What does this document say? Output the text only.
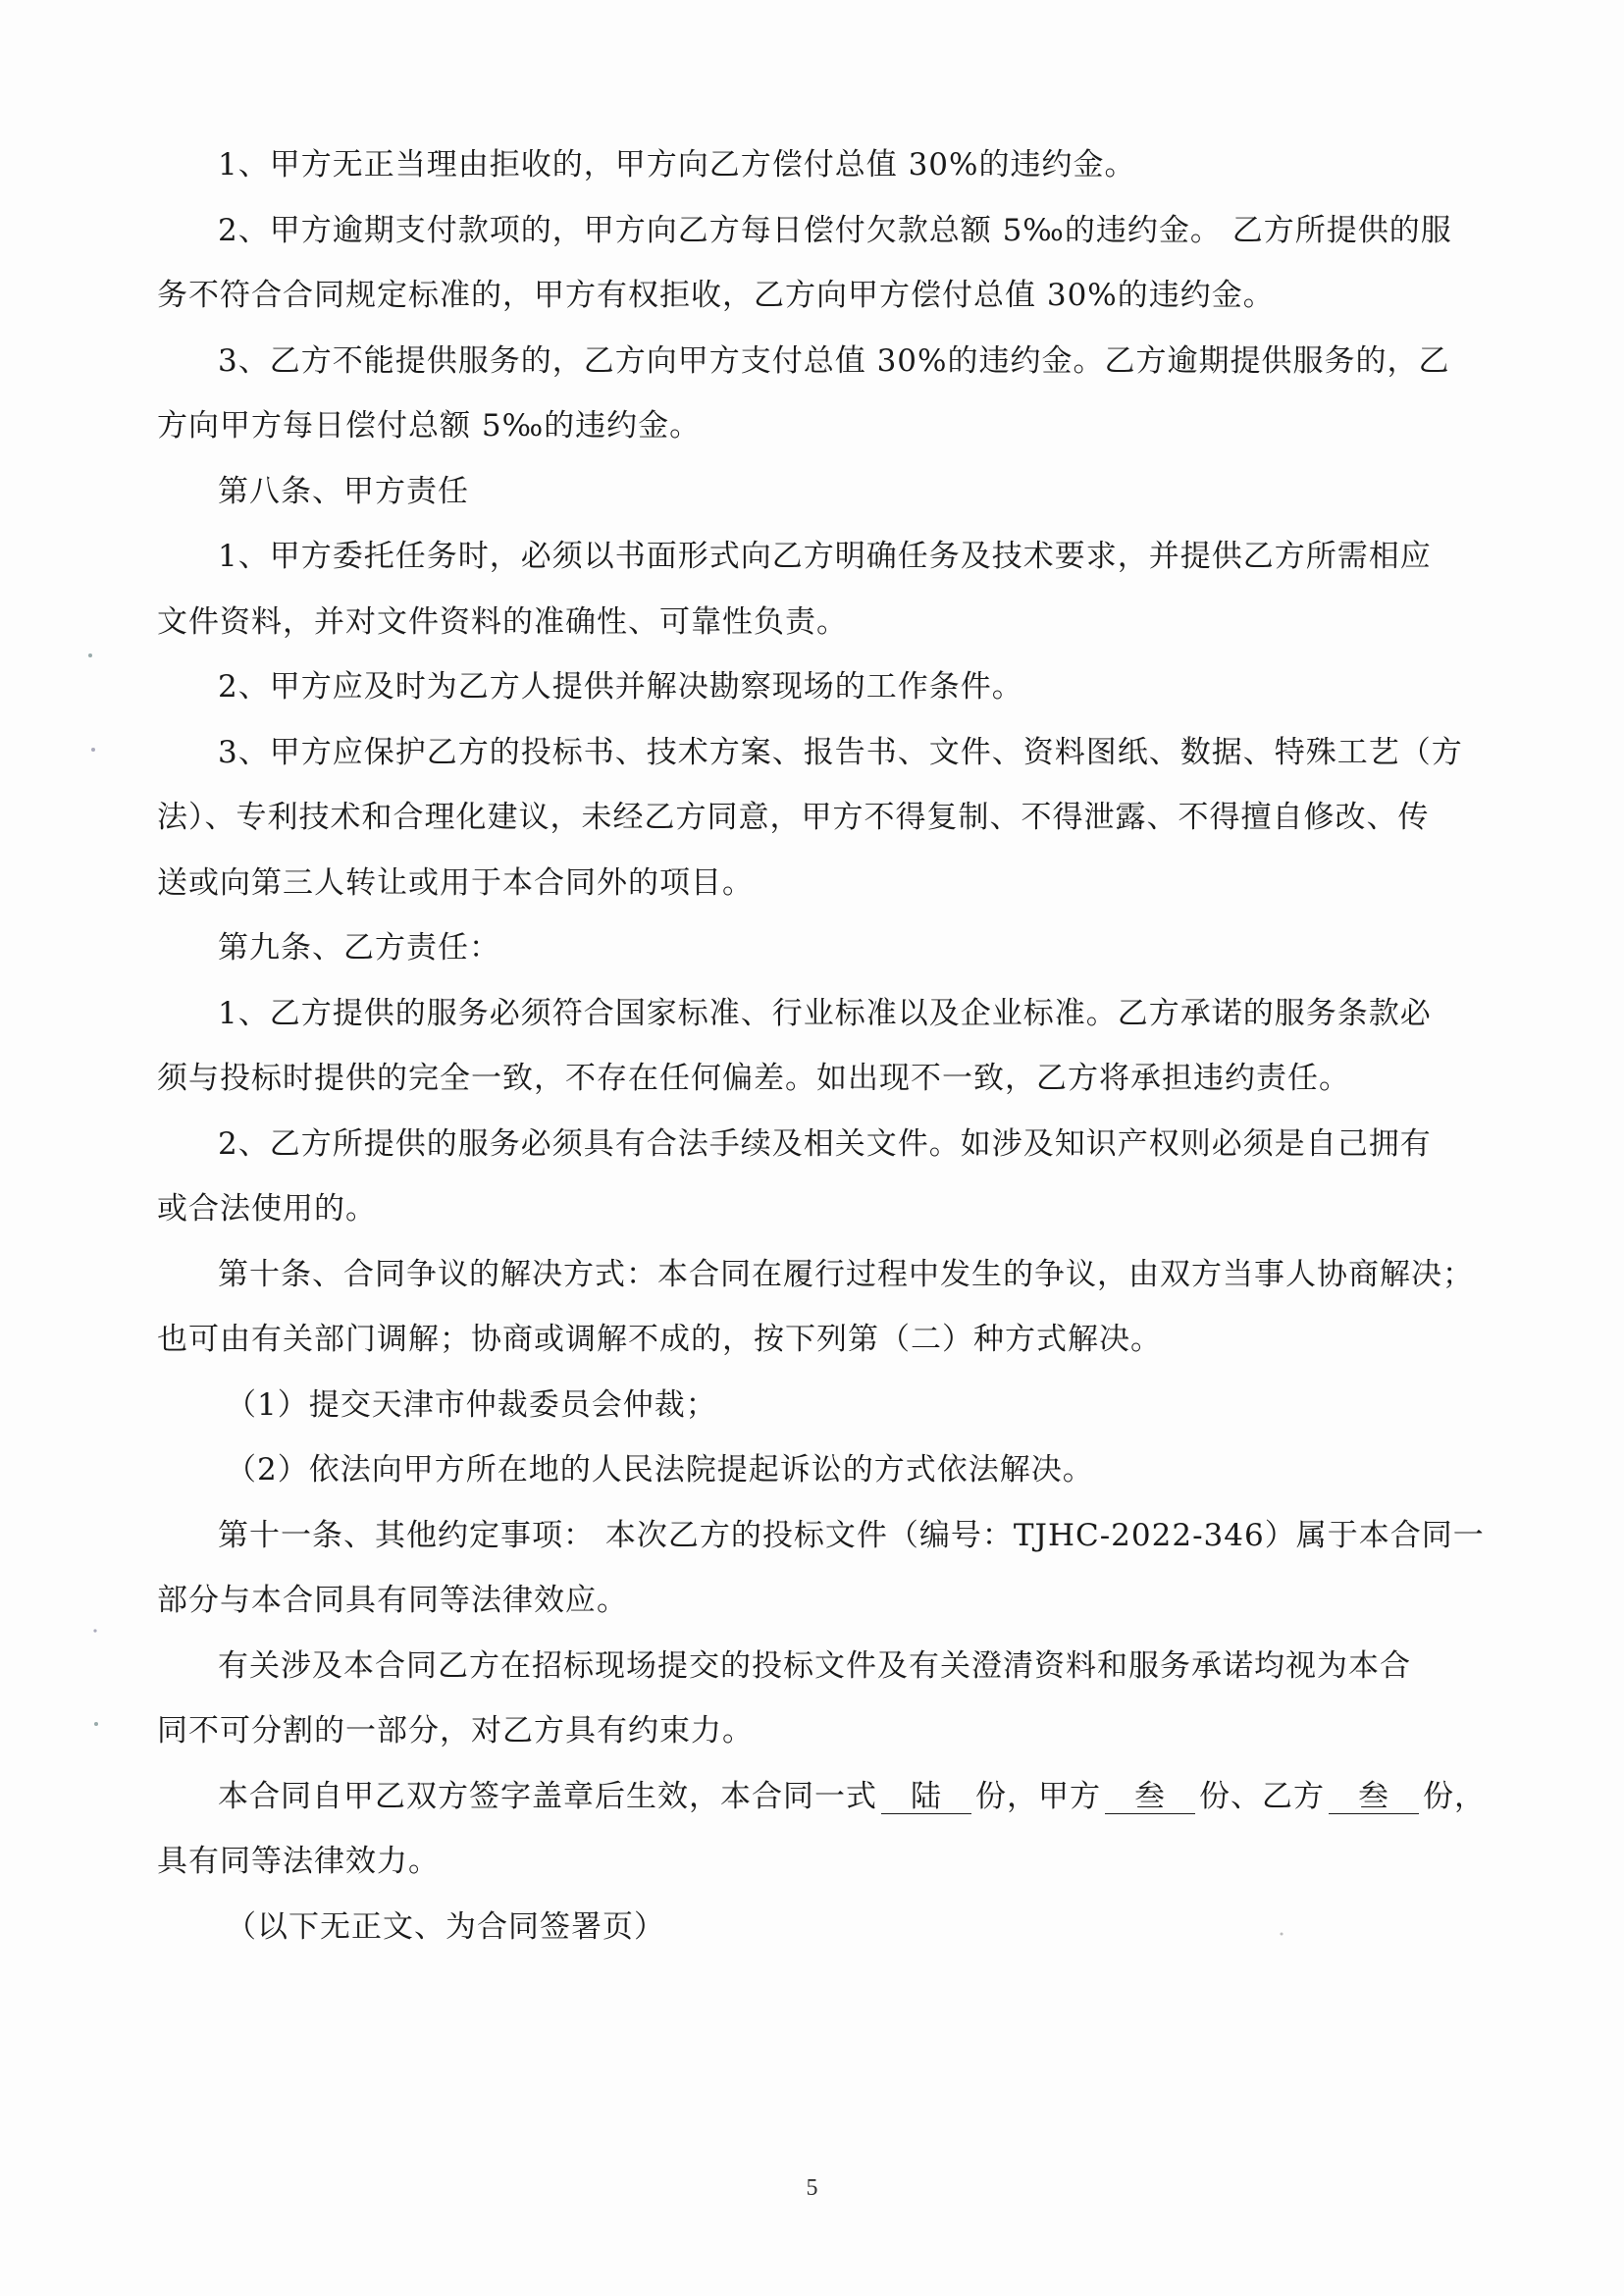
1、甲方无正当理由拒收的，甲方向乙方偿付总值 30%的违约金。

2、甲方逾期支付款项的，甲方向乙方每日偿付欠款总额 5‰的违约金。 乙方所提供的服
务不符合合同规定标准的，甲方有权拒收，乙方向甲方偿付总值 30%的违约金。

3、乙方不能提供服务的，乙方向甲方支付总值 30%的违约金。乙方逾期提供服务的，乙
方向甲方每日偿付总额 5‰的违约金。

第八条、甲方责任

1、甲方委托任务时，必须以书面形式向乙方明确任务及技术要求，并提供乙方所需相应
文件资料，并对文件资料的准确性、可靠性负责。

2、甲方应及时为乙方人提供并解决勘察现场的工作条件。

3、甲方应保护乙方的投标书、技术方案、报告书、文件、资料图纸、数据、特殊工艺（方
法）、专利技术和合理化建议，未经乙方同意，甲方不得复制、不得泄露、不得擅自修改、传
送或向第三人转让或用于本合同外的项目。

第九条、乙方责任：

1、乙方提供的服务必须符合国家标准、行业标准以及企业标准。乙方承诺的服务条款必
须与投标时提供的完全一致，不存在任何偏差。如出现不一致，乙方将承担违约责任。

2、乙方所提供的服务必须具有合法手续及相关文件。如涉及知识产权则必须是自己拥有
或合法使用的。

第十条、合同争议的解决方式：本合同在履行过程中发生的争议，由双方当事人协商解决；
也可由有关部门调解；协商或调解不成的，按下列第（二）种方式解决。

（1）提交天津市仲裁委员会仲裁；

（2）依法向甲方所在地的人民法院提起诉讼的方式依法解决。

第十一条、其他约定事项： 本次乙方的投标文件（编号：TJHC-2022-346）属于本合同一
部分与本合同具有同等法律效应。

有关涉及本合同乙方在招标现场提交的投标文件及有关澄清资料和服务承诺均视为本合
同不可分割的一部分，对乙方具有约束力。

本合同自甲乙双方签字盖章后生效，本合同一式 陆 份，甲方 叁 份、乙方 叁 份，
具有同等法律效力。

（以下无正文、为合同签署页）

5
